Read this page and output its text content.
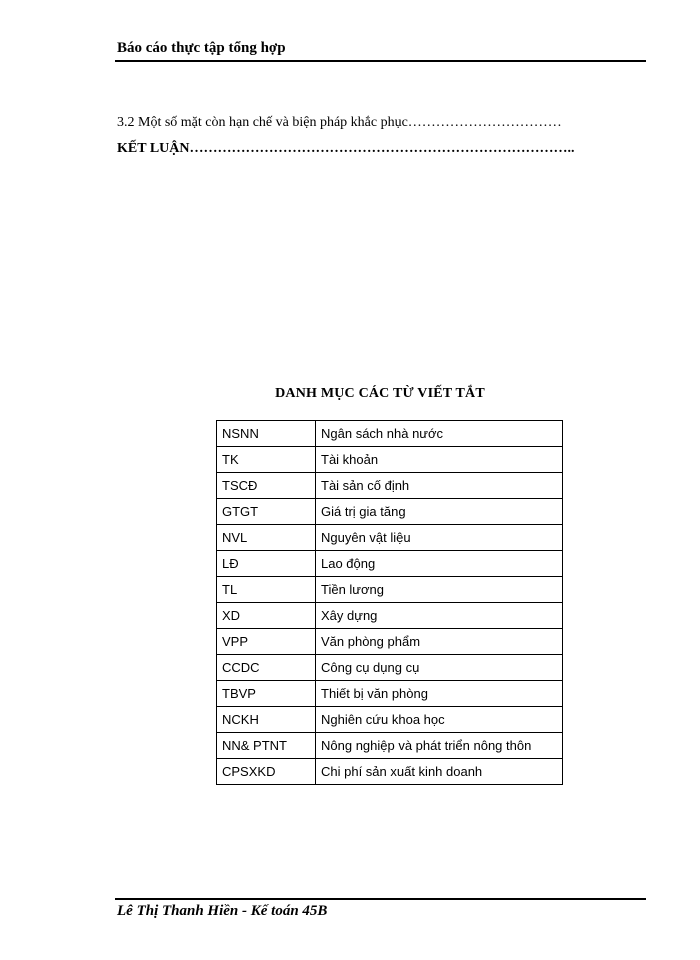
Báo cáo thực tập tổng hợp
3.2 Một số mặt còn hạn chế và biện pháp khắc phục……………………………
KẾT LUẬN………………………………………………………………………..
DANH MỤC CÁC TỪ VIẾT TẮT
NSNN	Ngân sách nhà nước
TK	Tài khoản
TSCĐ	Tài sản cố định
GTGT	Giá trị gia tăng
NVL	Nguyên vật liệu
LĐ	Lao động
TL	Tiền lương
XD	Xây dựng
VPP	Văn phòng phẩm
CCDC	Công cụ dụng cụ
TBVP	Thiết bị văn phòng
NCKH	Nghiên cứu khoa học
NN& PTNT	Nông nghiệp và phát triển nông thôn
CPSXKD	Chi phí sản xuất kinh doanh
Lê Thị Thanh Hiền - Kế toán 45B
